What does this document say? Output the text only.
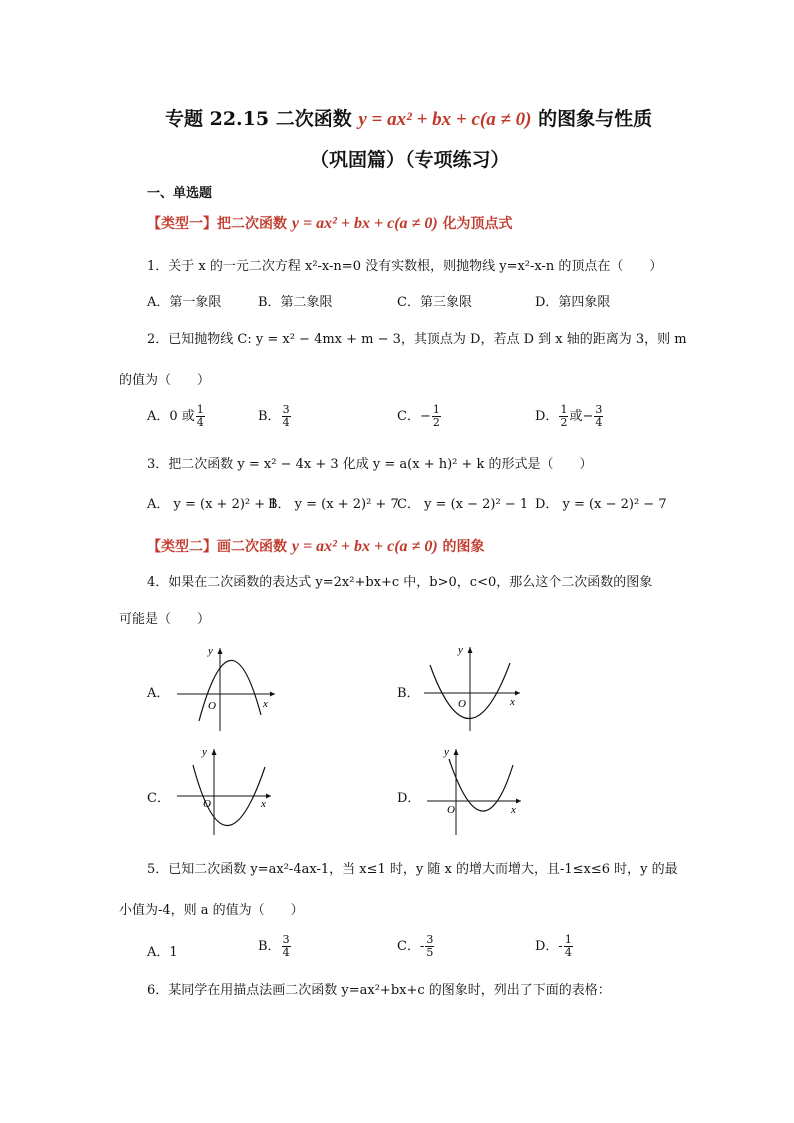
专题 22.15 二次函数 y = ax² + bx + c(a ≠ 0) 的图象与性质
（巩固篇）（专项练习）
一、单选题
【类型一】把二次函数 y = ax² + bx + c(a ≠ 0) 化为顶点式
1．关于 x 的一元二次方程 x²-x-n=0 没有实数根，则抛物线 y=x²-x-n 的顶点在（　　）
A．第一象限	B．第二象限	C．第三象限	D．第四象限
2．已知抛物线 C: y = x² − 4mx + m − 3，其顶点为 D，若点 D 到 x 轴的距离为 3，则 m
的值为（　　）
A．0 或 $\frac{1}{4}$	B． $\frac{3}{4}$	C．− $\frac{1}{2}$	D． $\frac{1}{2}$ 或− $\frac{3}{4}$
3．把二次函数 y = x² − 4x + 3 化成 y = a(x + h)² + k 的形式是（　　）
A． y = (x + 2)² + 1
B． y = (x + 2)² + 7
C． y = (x − 2)² − 1 D． y = (x − 2)² − 7
【类型二】画二次函数 y = ax² + bx + c(a ≠ 0) 的图象
4．如果在二次函数的表达式 y=2x²+bx+c 中，b>0，c<0，那么这个二次函数的图象
可能是（　　）
A．	B．
C．	D．
y
x
O
y
x
O
y
x
O
y
x
O
5．已知二次函数 y=ax²-4ax-1，当 x≤1 时，y 随 x 的增大而增大，且-1≤x≤6 时，y 的最
小值为-4，则 a 的值为（　　）
A．1	B． $\frac{3}{4}$	C．- $\frac{3}{5}$	D．- $\frac{1}{4}$
6．某同学在用描点法画二次函数 y=ax²+bx+c 的图象时，列出了下面的表格：
